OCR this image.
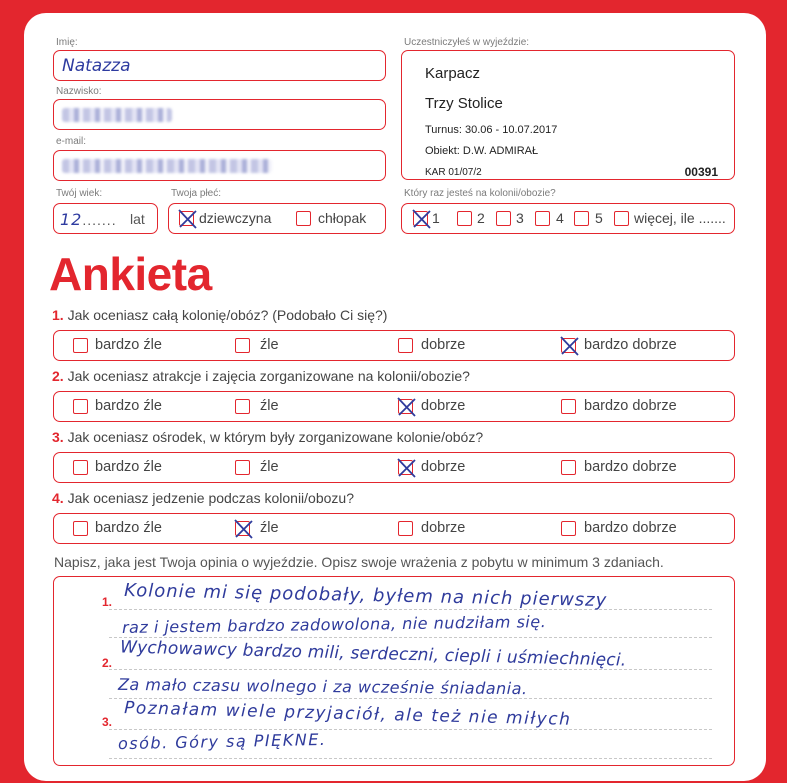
Imię:
Natazza
Nazwisko:
e-mail:
Twój wiek:
12....... lat
Twoja płeć:
dziewczyna	chłopak
Uczestniczyłeś w wyjeździe:
Karpacz
Trzy Stolice
Turnus: 30.06 - 10.07.2017
Obiekt: D.W. ADMIRAŁ
KAR 01/07/2	00391
Który raz jesteś na kolonii/obozie?
1	2 3 4 5 więcej, ile .......
Ankieta
1. Jak oceniasz całą kolonię/obóz? (Podobało Ci się?)
bardzo źle	źle	dobrze	bardzo dobrze
2. Jak oceniasz atrakcje i zajęcia zorganizowane na kolonii/obozie?
bardzo źle	źle	dobrze	bardzo dobrze
3. Jak oceniasz ośrodek, w którym były zorganizowane kolonie/obóz?
bardzo źle	źle	dobrze	bardzo dobrze
4. Jak oceniasz jedzenie podczas kolonii/obozu?
bardzo źle	źle	dobrze	bardzo dobrze
Napisz, jaka jest Twoja opinia o wyjeździe. Opisz swoje wrażenia z pobytu w minimum 3 zdaniach.
1.
2.
3.
Kolonie mi się podobały, byłem na nich pierwszy
raz i jestem bardzo zadowolona, nie nudziłam się.
Wychowawcy bardzo mili, serdeczni, ciepli i uśmiechnięci.
Za mało czasu wolnego i za wcześnie śniadania.
Poznałam wiele przyjaciół, ale też nie miłych
osób. Góry są PIĘKNE.
